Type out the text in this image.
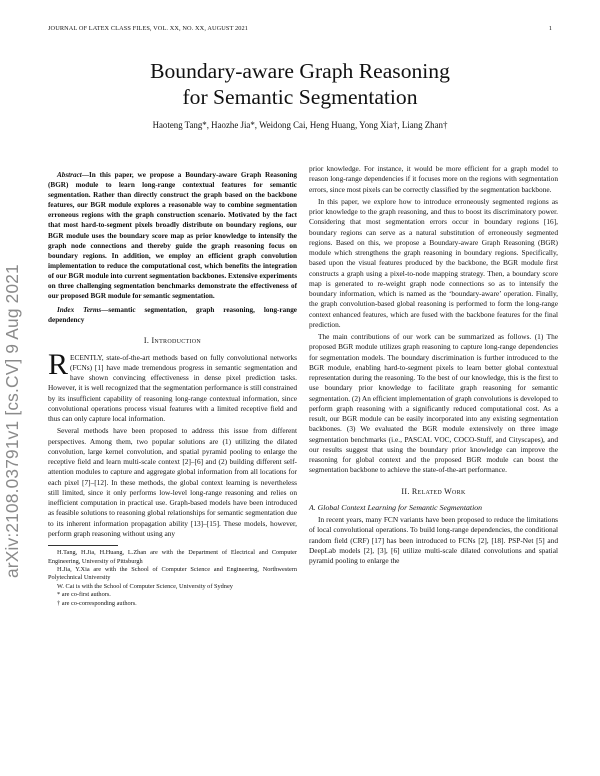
JOURNAL OF LATEX CLASS FILES, VOL. XX, NO. XX, AUGUST 2021	1
arXiv:2108.03791v1 [cs.CV] 9 Aug 2021
Boundary-aware Graph Reasoning
for Semantic Segmentation
Haoteng Tang*, Haozhe Jia*, Weidong Cai, Heng Huang, Yong Xia†, Liang Zhan†

Abstract—In this paper, we propose a Boundary-aware Graph Reasoning (BGR) module to learn long-range contextual features for semantic segmentation. Rather than directly construct the graph based on the backbone features, our BGR module explores a reasonable way to combine segmentation erroneous regions with the graph construction scenario. Motivated by the fact that most hard-to-segment pixels broadly distribute on boundary regions, our BGR module uses the boundary score map as prior knowledge to intensify the graph node connections and thereby guide the graph reasoning focus on boundary regions. In addition, we employ an efficient graph convolution implementation to reduce the computational cost, which benefits the integration of our BGR module into current segmentation backbones. Extensive experiments on three challenging segmentation benchmarks demonstrate the effectiveness of our proposed BGR module for semantic segmentation.

Index Terms—semantic segmentation, graph reasoning, long-range dependency

I. Introduction

RECENTLY, state-of-the-art methods based on fully convolutional networks (FCNs) [1] have made tremendous progress in semantic segmentation and have shown convincing effectiveness in dense pixel prediction tasks. However, it is well recognized that the segmentation performance is still constrained by its insufficient capability of reasoning long-range contextual information, since convolutional operations process visual features with a limited receptive field and thus can only capture local information.

Several methods have been proposed to address this issue from different perspectives. Among them, two popular solutions are (1) utilizing the dilated convolution, large kernel convolution, and spatial pyramid pooling to enlarge the receptive field and learn multi-scale context [2]–[6] and (2) building different self-attention modules to capture and aggregate global information from all locations for each pixel [7]–[12]. In these methods, the global context learning is nevertheless still limited, since it only performs low-level long-range reasoning and relies on inefficient computation in practical use. Graph-based models have been introduced as feasible solutions to reasoning global relationships for semantic segmentation due to its inherent information propagation ability [13]–[15]. These models, however, perform graph reasoning without using any

H.Tang, H.Jia, H.Huang, L.Zhan are with the Department of Electrical and Computer Engineering, University of Pittsburgh

H.Jia, Y.Xia are with the School of Computer Science and Engineering, Northwestern Polytechnical University

W. Cai is with the School of Computer Science, University of Sydney

* are co-first authors.

† are co-corresponding authors.

prior knowledge. For instance, it would be more efficient for a graph model to reason long-range dependencies if it focuses more on the regions with segmentation errors, since most pixels can be correctly classified by the segmentation backbone.

In this paper, we explore how to introduce erroneously segmented regions as prior knowledge to the graph reasoning, and thus to boost its discriminatory power. Considering that most segmentation errors occur in boundary regions [16], boundary regions can serve as a natural substitution of erroneously segmented regions. Based on this, we propose a Boundary-aware Graph Reasoning (BGR) module which strengthens the graph reasoning in boundary regions. Specifically, based upon the visual features produced by the backbone, the BGR module first constructs a graph using a pixel-to-node mapping strategy. Then, a boundary score map is generated to re-weight graph node connections so as to intensify the boundary information, which is named as the ‘boundary-aware’ operation. Finally, the graph convolution-based global reasoning is performed to form the long-range context enhanced features, which are fused with the backbone features for the final prediction.

The main contributions of our work can be summarized as follows. (1) The proposed BGR module utilizes graph reasoning to capture long-range dependencies for segmentation models. The boundary discrimination is further introduced to the BGR module, enabling hard-to-segment pixels to learn better global contextual representation during the reasoning. To the best of our knowledge, this is the first to use boundary prior knowledge to facilitate graph reasoning for semantic segmentation. (2) An efficient implementation of graph convolutions is developed to perform graph reasoning with a significantly reduced computational cost. As a result, our BGR module can be easily incorporated into any existing segmentation backbones. (3) We evaluated the BGR module extensively on three image segmentation benchmarks (i.e., PASCAL VOC, COCO-Stuff, and Cityscapes), and our results suggest that using the boundary prior knowledge can improve the reasoning for global context and the proposed BGR module can boost the segmentation backbone to achieve the state-of-the-art performance.

II. Related Work
A. Global Context Learning for Semantic Segmentation

In recent years, many FCN variants have been proposed to reduce the limitations of local convolutional operations. To build long-range dependencies, the conditional random field (CRF) [17] has been introduced to FCNs [2], [18]. PSP-Net [5] and DeepLab models [2], [3], [6] utilize multi-scale dilated convolutions and spatial pyramid pooling to enlarge the
